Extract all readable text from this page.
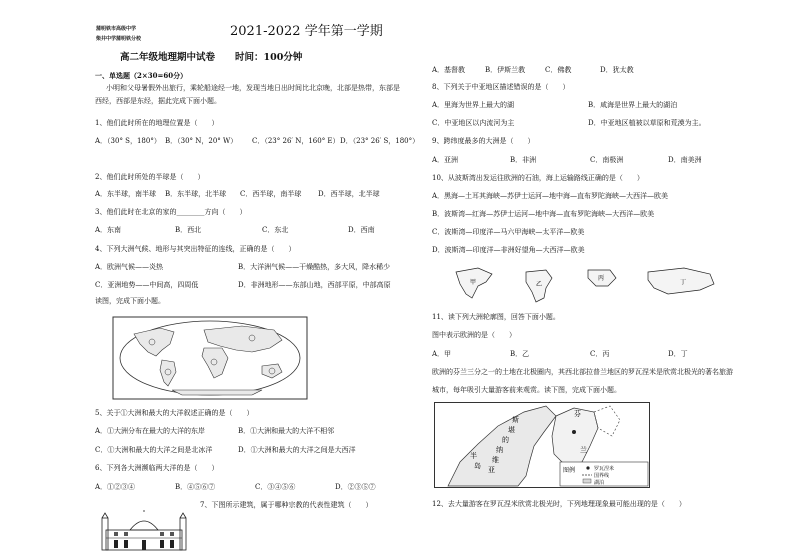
蒲明铁市高级中学
柴井中学蒲明铁分校	2021-2022 学年第一学期
高二年级地理期中试卷 时间：100分钟
一、单选题（2×30=60分）
小明和父母暑假外出旅行，乘轮船途经一地，发现当地日出时间比北京晚，北部是热带，东部是
西经，西部是东经，据此完成下面小题。
1、他们此时所在的地理位置是（　　）
A．（30° S，180°） B．（30° N，20° W） C．（23° 26′ N，160° E） D．（23° 26′ S，180°）
2、他们此时所处的半球是（　　）
A．东半球，南半球 B．东半球，北半球 C．西半球，南半球 D．西半球，北半球
3、他们此时在北京的家的________方向（　　）
A．东南	B．西北	C．东北	D．西南
4、下列大洲气候、地形与其突出特征的连线，正确的是（　　）
A．欧洲气候——炎热	B．大洋洲气候——干燥酷热，多大风，降水稀少
C．亚洲地势——中间高，四周低	D．非洲地形——东部山地，西部平原，中部高原
读图，完成下面小题。
5、关于①大洲和最大的大洋叙述正确的是（　　）
A．①大洲分布在最大的大洋的东岸	B．①大洲和最大的大洋不相邻
C．①大洲和最大的大洋之间是北冰洋	D．①大洲和最大的大洋之间是大西洋
6、下列各大洲濒临两大洋的是（　　）
A．①②③④	B．④⑤⑥⑦	C．③④⑤⑥	D．②③⑤⑦
7、下图所示建筑，属于哪种宗教的代表性建筑（　　）
A．基督教	B．伊斯兰教	C．佛教	D．犹太教
8、下列关于中亚地区描述错误的是（　　）
A．里海为世界上最大的湖	B．咸海是世界上最大的湖泊
C．中亚地区以内流河为主	D．中亚地区植被以草原和荒漠为主。
9、跨纬度最多的大洲是（　　）
A．亚洲	B．非洲	C．南极洲	D．南美洲
10、从波斯湾出发运往欧洲的石油，海上运输路线正确的是（　　）
A．黑海—土耳其海峡—苏伊士运河—地中海—直布罗陀海峡—大西洋—欧美
B．波斯湾—红海—苏伊士运河—地中海—直布罗陀海峡—大西洋—欧美
C．波斯湾—印度洋—马六甲海峡—太平洋—欧美
D．波斯湾—印度洋—非洲好望角—大西洋—欧美
甲	乙
丙
丁
11、读下列大洲轮廓图，回答下面小题。
图中表示欧洲的是（　　）
A．甲	B．乙	C．丙	D．丁
欧洲的芬兰三分之一的土地在北极圈内，其西北部拉普兰地区的罗瓦涅米是欣赏北极光的著名旅游
城市，每年吸引大量游客前来观赏。读下图，完成下面小题。
斯
堪
的
纳
维
亚
半
岛
芬
兰
图例	罗瓦涅米
国界线
湖泊
12、去大量游客在罗瓦涅米欣赏北极光时，下列地理现象最可能出现的是（　　）
